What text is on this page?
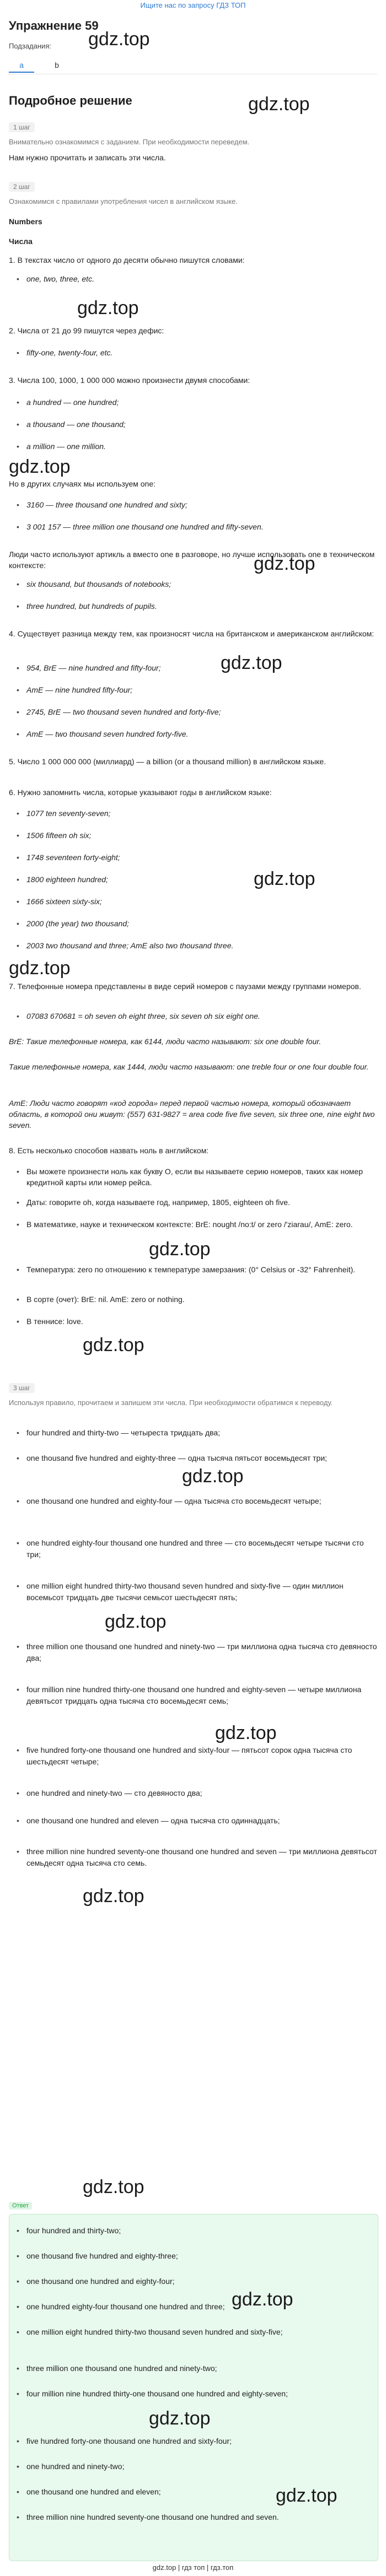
Ищите нас по запросу ГДЗ ТОП
Упражнение 59
gdz.top
Подзадания:
a	b
Подробное решение	gdz.top
1 шаг
Внимательно ознакомимся с заданием. При необходимости переведем.
Нам нужно прочитать и записать эти числа.
2 шаг
Ознакомимся с правилами употребления чисел в английском языке.
Numbers
Числа
1. В текстах число от одного до десяти обычно пишутся словами:
• one, two, three, etc.
gdz.top
2. Числа от 21 до 99 пишутся через дефис:
• fifty-one, twenty-four, etc.
3. Числа 100, 1000, 1 000 000 можно произнести двумя способами:
• a hundred — one hundred;
• a thousand — one thousand;
• a million — one million.
gdz.top
Но в других случаях мы используем one:
• 3160 — three thousand one hundred and sixty;
• 3 001 157 — three million one thousand one hundred and fifty-seven.
Люди часто используют артикль а вместо one в разговоре, но лучше использовать one в техническом контексте:	gdz.top
• six thousand, but thousands of notebooks;
• three hundred, but hundreds of pupils.
4. Существует разница между тем, как произносят числа на британском и американском английском:
gdz.top
• 954, BrE — nine hundred and fifty-four;
• AmE — nine hundred fifty-four;
• 2745, BrE — two thousand seven hundred and forty-five;
• AmE — two thousand seven hundred forty-five.
5. Число 1 000 000 000 (миллиард) — a billion (or a thousand million) в английском языке.
6. Нужно запомнить числа, которые указывают годы в английском языке:
• 1077 ten seventy-seven;
• 1506 fifteen oh six;
• 1748 seventeen forty-eight;
gdz.top
• 1800 eighteen hundred;
• 1666 sixteen sixty-six;
• 2000 (the year) two thousand;
• 2003 two thousand and three; AmE also two thousand three.
gdz.top
7. Телефонные номера представлены в виде серий номеров с паузами между группами номеров.
• 07083 670681 = oh seven oh eight three, six seven oh six eight one.
BrE: Такие телефонные номера, как 6144, люди часто называют: six one double four.
Такие телефонные номера, как 1444, люди часто называют: one treble four or one four double four.
AmE: Люди часто говорят «код города» перед первой частью номера, который обозначает область, в которой они живут: (557) 631-9827 = area code five five seven, six three one, nine eight two seven.
8. Есть несколько способов назвать ноль в английском:
• Вы можете произнести ноль как букву O, если вы называете серию номеров, таких как номер кредитной карты или номер рейса.
• Даты: говорите oh, когда называете год, например, 1805, eighteen oh five.
• В математике, науке и техническом контексте: BrE: nought /no:t/ or zero /'ziarau/, AmE: zero.
gdz.top
• Температура: zero по отношению к температуре замерзания: (0° Celsius or -32° Fahrenheit).
• В сорте (очет): BrE: nil. AmE: zero or nothing.
• В теннисе: love.
gdz.top
3 шаг
Используя правило, прочитаем и запишем эти числа. При необходимости обратимся к переводу.
• four hundred and thirty-two — четыреста тридцать два;
• one thousand five hundred and eighty-three — одна тысяча пятьсот восемьдесят три;
gdz.top
• one thousand one hundred and eighty-four — одна тысяча сто восемьдесят четыре;
• one hundred eighty-four thousand one hundred and three — сто восемьдесят четыре тысячи сто три;
• one million eight hundred thirty-two thousand seven hundred and sixty-five — один миллион восемьсот тридцать две тысячи семьсот шестьдесят пять;
gdz.top
• three million one thousand one hundred and ninety-two — три миллиона одна тысяча сто девяносто два;
• four million nine hundred thirty-one thousand one hundred and eighty-seven — четыре миллиона девятьсот тридцать одна тысяча сто восемьдесят семь;
gdz.top
• five hundred forty-one thousand one hundred and sixty-four — пятьсот сорок одна тысяча сто шестьдесят четыре;
• one hundred and ninety-two — сто девяносто два;
• one thousand one hundred and eleven — одна тысяча сто одиннадцать;
• three million nine hundred seventy-one thousand one hundred and seven — три миллиона девятьсот семьдесят одна тысяча сто семь.
gdz.top
Ответ
gdz.top
• four hundred and thirty-two;
• one thousand five hundred and eighty-three;
• one thousand one hundred and eighty-four;
• one hundred eighty-four thousand one hundred and three; gdz.top
• one million eight hundred thirty-two thousand seven hundred and sixty-five;
• three million one thousand one hundred and ninety-two;
• four million nine hundred thirty-one thousand one hundred and eighty-seven;
gdz.top
• five hundred forty-one thousand one hundred and sixty-four;
• one hundred and ninety-two;
• one thousand one hundred and eleven;	gdz.top
• three million nine hundred seventy-one thousand one hundred and seven.
gdz.top | гдз топ | гдз.топ
